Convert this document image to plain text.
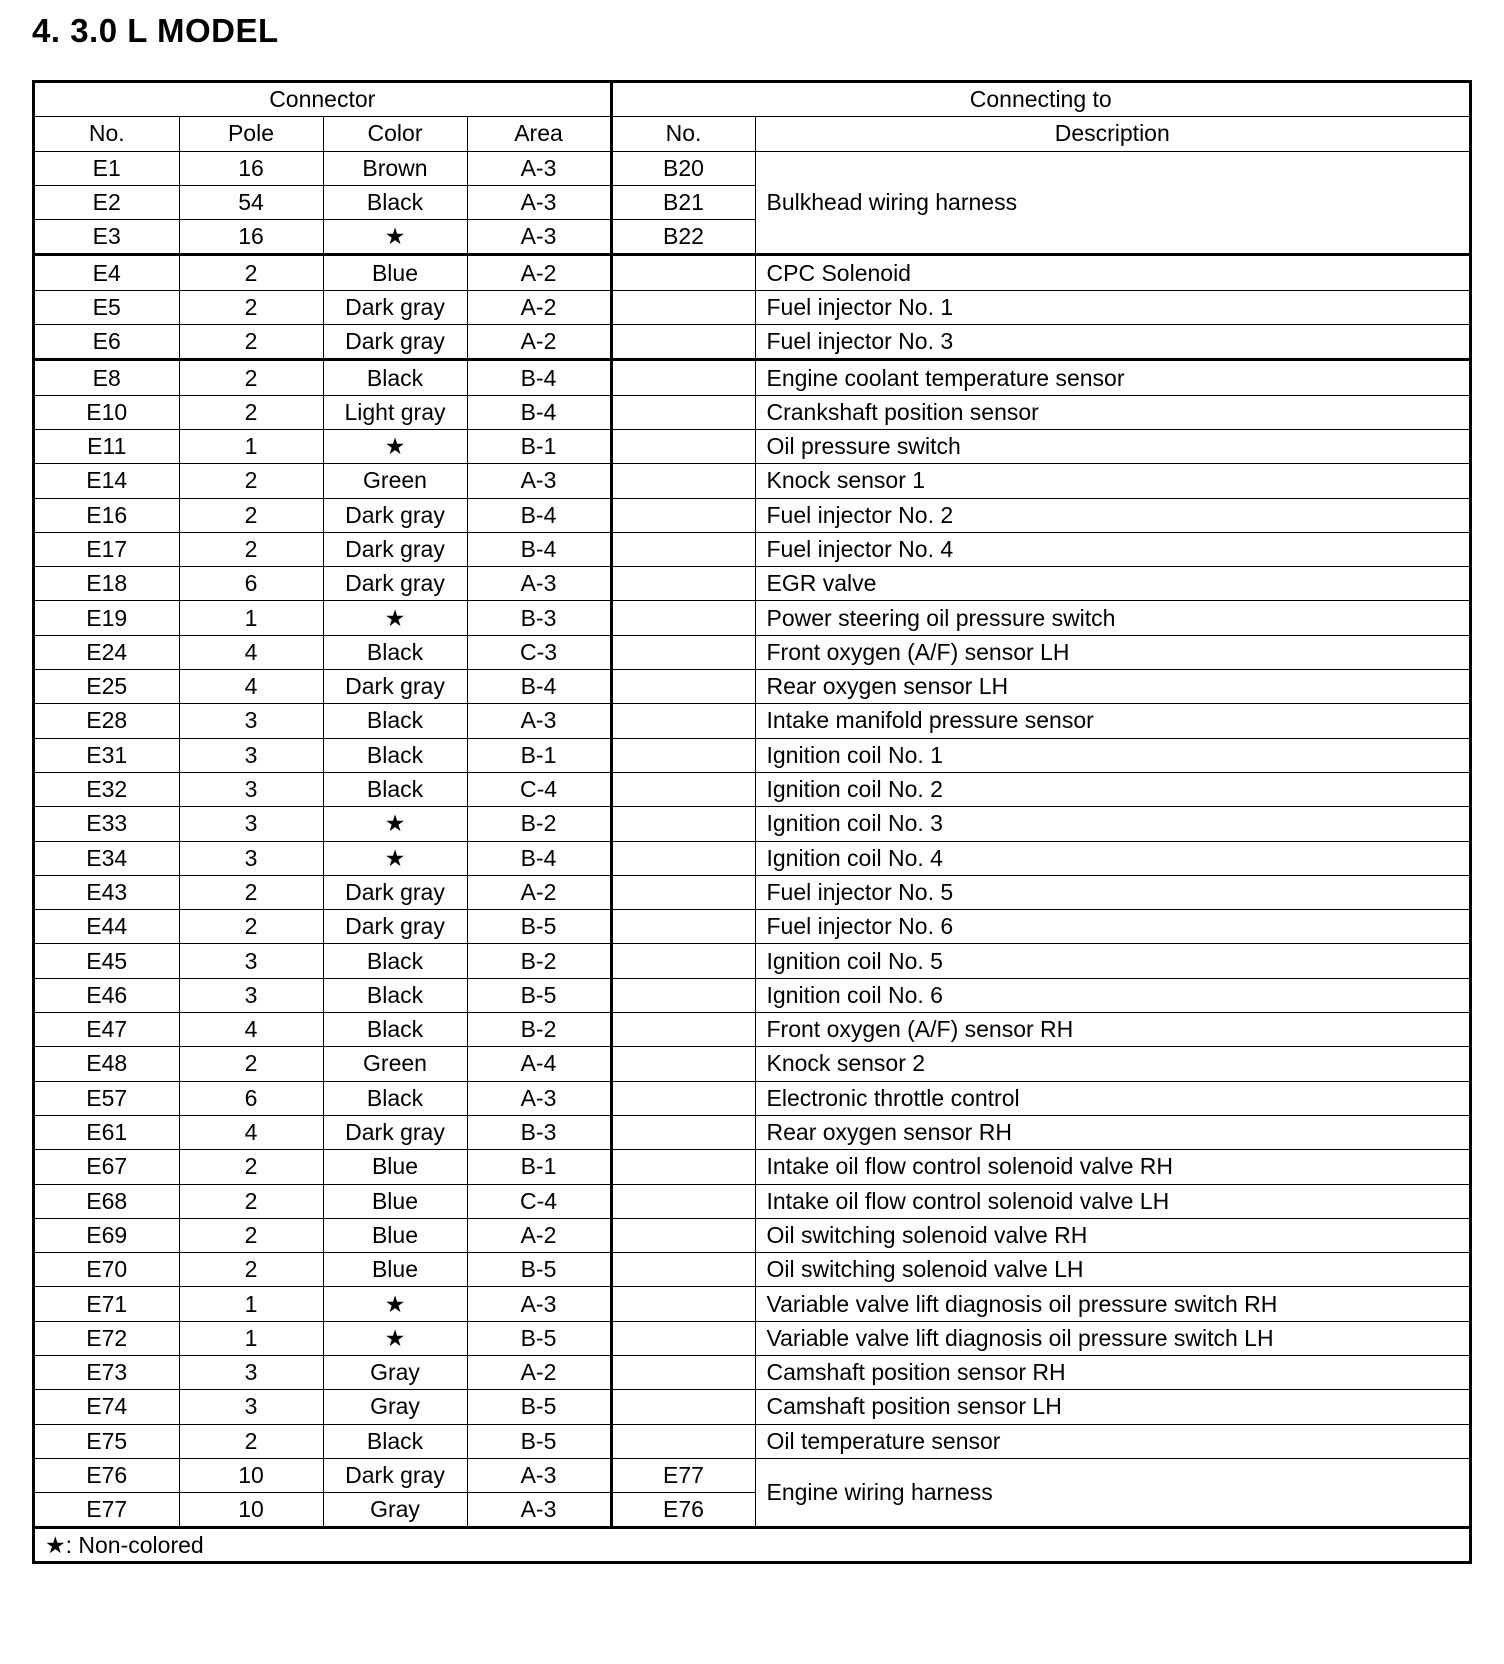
4. 3.0 L MODEL
Connector				Connecting to	
No.	Pole	Color	Area	No.	Description
E1	16	Brown	A-3	B20	Bulkhead wiring harness
E2	54	Black	A-3	B21	
E3	16	★	A-3	B22	
E4	2	Blue	A-2		CPC Solenoid
E5	2	Dark gray	A-2		Fuel injector No. 1
E6	2	Dark gray	A-2		Fuel injector No. 3
E8	2	Black	B-4		Engine coolant temperature sensor
E10	2	Light gray	B-4		Crankshaft position sensor
E11	1	★	B-1		Oil pressure switch
E14	2	Green	A-3		Knock sensor 1
E16	2	Dark gray	B-4		Fuel injector No. 2
E17	2	Dark gray	B-4		Fuel injector No. 4
E18	6	Dark gray	A-3		EGR valve
E19	1	★	B-3		Power steering oil pressure switch
E24	4	Black	C-3		Front oxygen (A/F) sensor LH
E25	4	Dark gray	B-4		Rear oxygen sensor LH
E28	3	Black	A-3		Intake manifold pressure sensor
E31	3	Black	B-1		Ignition coil No. 1
E32	3	Black	C-4		Ignition coil No. 2
E33	3	★	B-2		Ignition coil No. 3
E34	3	★	B-4		Ignition coil No. 4
E43	2	Dark gray	A-2		Fuel injector No. 5
E44	2	Dark gray	B-5		Fuel injector No. 6
E45	3	Black	B-2		Ignition coil No. 5
E46	3	Black	B-5		Ignition coil No. 6
E47	4	Black	B-2		Front oxygen (A/F) sensor RH
E48	2	Green	A-4		Knock sensor 2
E57	6	Black	A-3		Electronic throttle control
E61	4	Dark gray	B-3		Rear oxygen sensor RH
E67	2	Blue	B-1		Intake oil flow control solenoid valve RH
E68	2	Blue	C-4		Intake oil flow control solenoid valve LH
E69	2	Blue	A-2		Oil switching solenoid valve RH
E70	2	Blue	B-5		Oil switching solenoid valve LH
E71	1	★	A-3		Variable valve lift diagnosis oil pressure switch RH
E72	1	★	B-5		Variable valve lift diagnosis oil pressure switch LH
E73	3	Gray	A-2		Camshaft position sensor RH
E74	3	Gray	B-5		Camshaft position sensor LH
E75	2	Black	B-5		Oil temperature sensor
E76	10	Dark gray	A-3	E77	Engine wiring harness
E77	10	Gray	A-3	E76	
★: Non-colored					
